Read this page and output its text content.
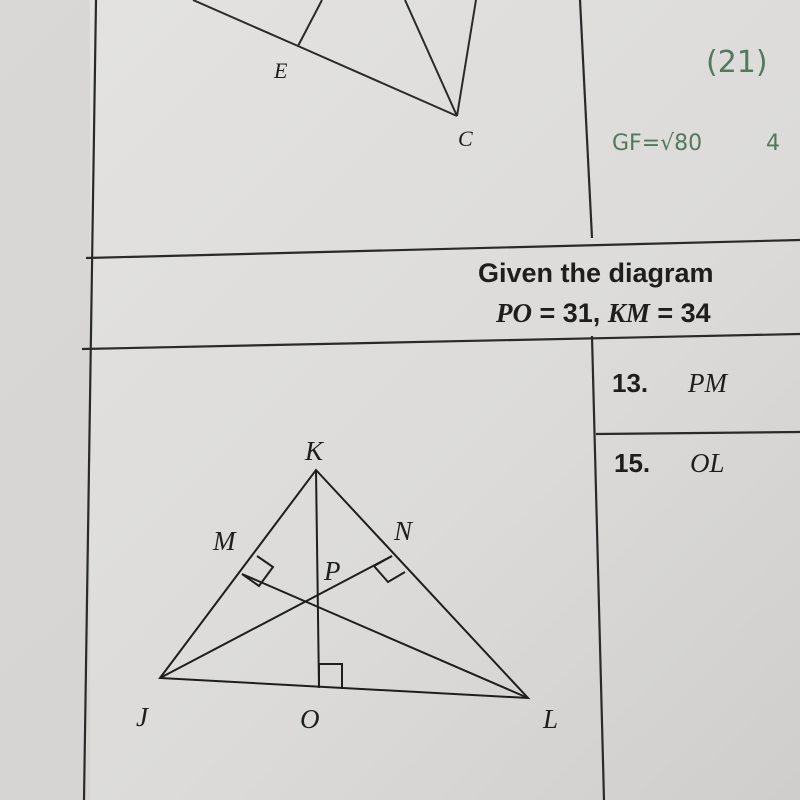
E
C
(21)
GF=√80	4
Given the diagram
PO = 31, KM = 34
13. PM
15. OL
K
M	N
P
J	O	L
